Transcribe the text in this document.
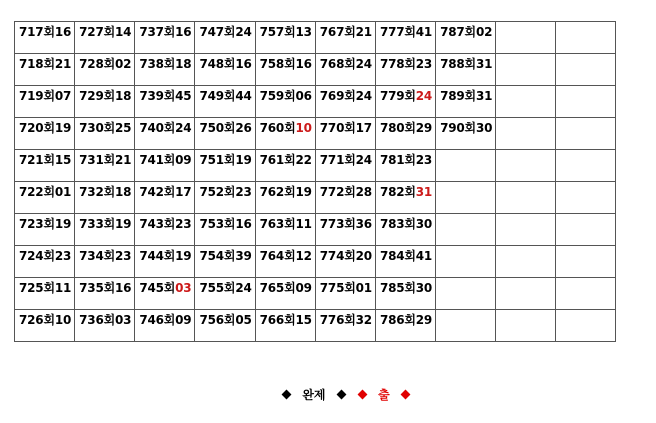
717회 16	727회 14	737회 16	747회 24	757회 13	767회 21	777회 41	787회 02		

718회 21	728회 02	738회 18	748회 16	758회 16	768회 24	778회 23	788회 31		

719회 07	729회 18	739회 45	749회 44	759회 06	769회 24	779회 24	789회 31		

720회 19	730회 25	740회 24	750회 26	760회 10	770회 17	780회 29	790회 30		

721회 15	731회 21	741회 09	751회 19	761회 22	771회 24	781회 23			

722회 01	732회 18	742회 17	752회 23	762회 19	772회 28	782회 31			

723회 19	733회 19	743회 23	753회 16	763회 11	773회 36	783회 30			

724회 23	734회 23	744회 19	754회 39	764회 12	774회 20	784회 41			

725회 11	735회 16	745회 03	755회 24	765회 09	775회 01	785회 30			

726회 10	736회 03	746회 09	756회 05	766회 15	776회 32	786회 29			

완제	출
